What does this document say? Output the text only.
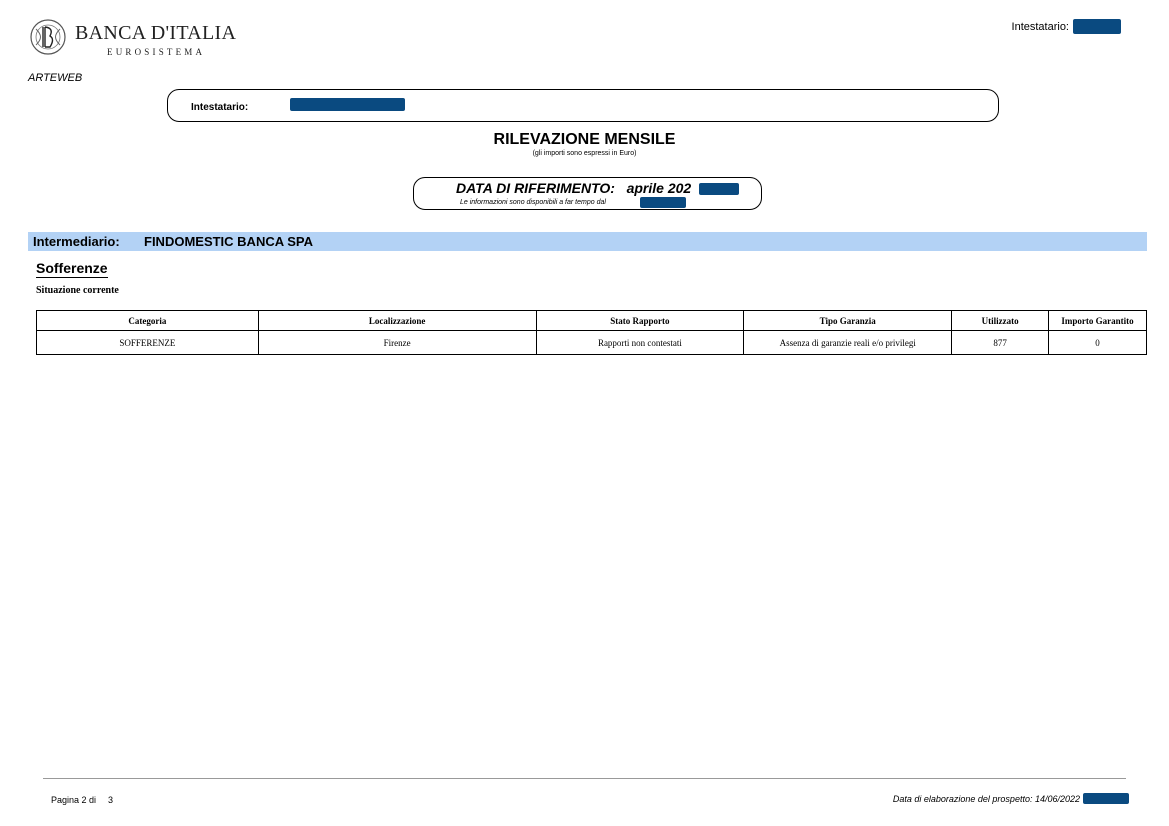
BANCA D'ITALIA
EUROSISTEMA
ARTEWEB
Intestatario:
Intestatario:
RILEVAZIONE MENSILE
(gli importi sono espressi in Euro)
DATA DI RIFERIMENTO: aprile 202
Le informazioni sono disponibili a far tempo dal
Intermediario: FINDOMESTIC BANCA SPA
Sofferenze
Situazione corrente
Categoria	Localizzazione	Stato Rapporto	Tipo Garanzia	Utilizzato	Importo Garantito
SOFFERENZE	Firenze	Rapporti non contestati	Assenza di garanzie reali e/o privilegi	877	0
Pagina 2 di 3	Data di elaborazione del prospetto: 14/06/2022
